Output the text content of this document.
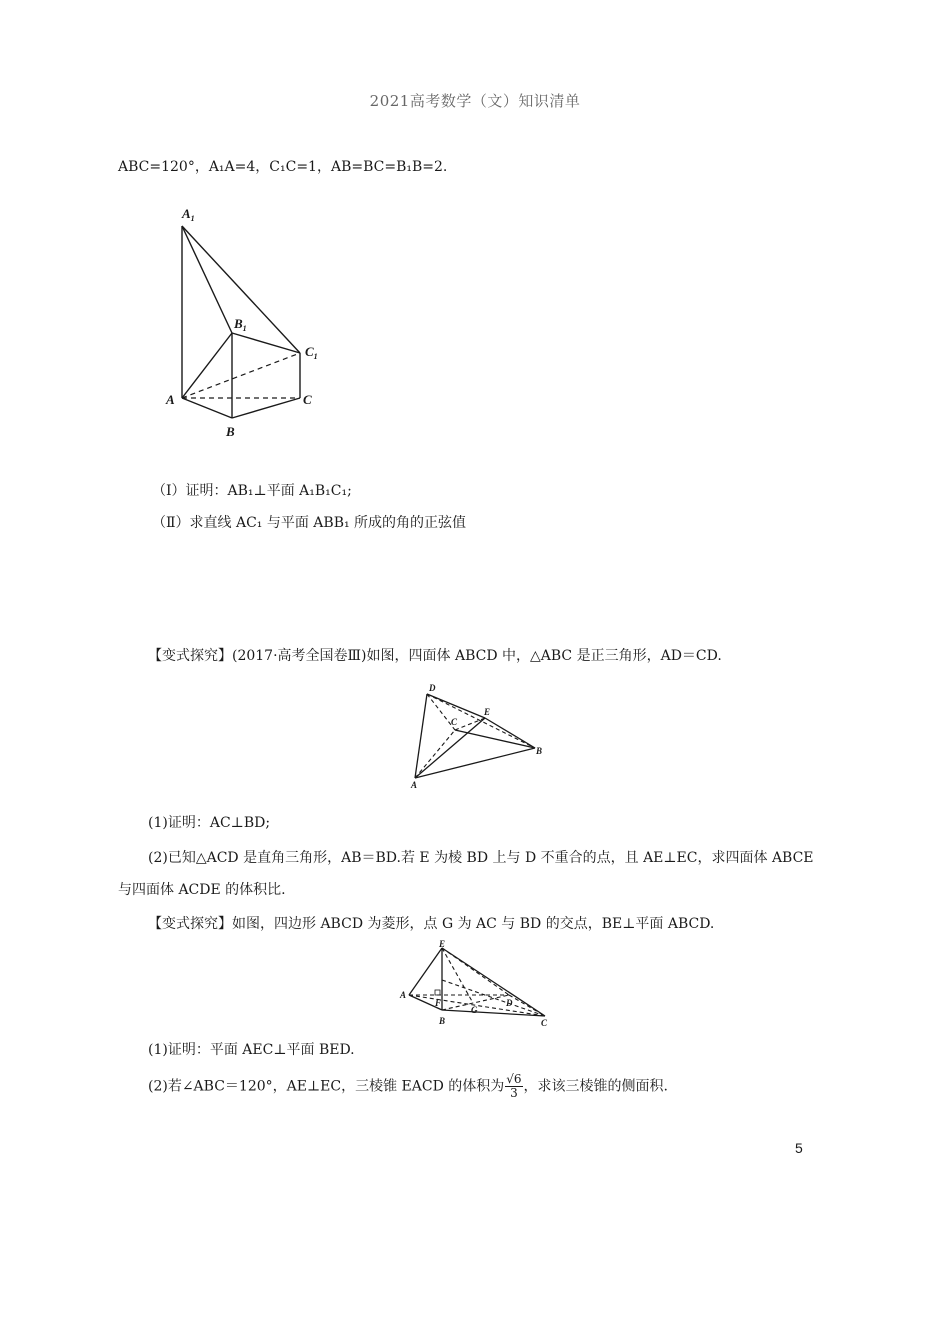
2021高考数学（文）知识清单
ABC=120°，A₁A=4，C₁C=1，AB=BC=B₁B=2.
$A_1$
$B_1$
$C_1$
A
B
C
（Ⅰ）证明：AB₁⊥平面 A₁B₁C₁;
（Ⅱ）求直线 AC₁ 与平面 ABB₁ 所成的角的正弦值
【变式探究】(2017·高考全国卷Ⅲ)如图，四面体 ABCD 中，△ABC 是正三角形，AD＝CD.
D
E
C
B
A
(1)证明：AC⊥BD;
(2)已知△ACD 是直角三角形，AB＝BD.若 E 为棱 BD 上与 D 不重合的点，且 AE⊥EC，求四面体 ABCE
与四面体 ACDE 的体积比.
【变式探究】如图，四边形 ABCD 为菱形，点 G 为 AC 与 BD 的交点，BE⊥平面 ABCD.
E
A
F
G
D
B	C
(1)证明：平面 AEC⊥平面 BED.
(2)若∠ABC＝120°，AE⊥EC，三棱锥 EACD 的体积为 $\frac{√6}{3}$ ，求该三棱锥的侧面积.
5
